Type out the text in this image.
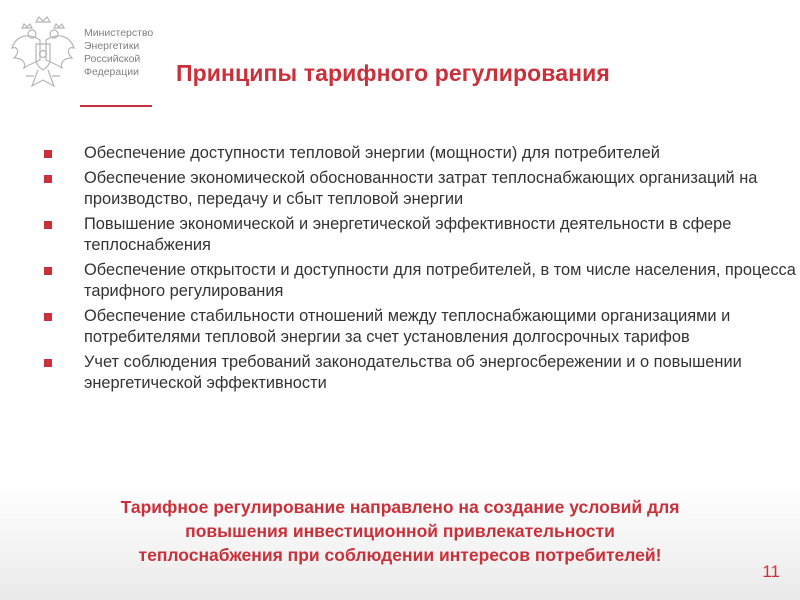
Министерство
Энергетики
Российской
Федерации	Принципы тарифного регулирования
Обеспечение доступности тепловой энергии (мощности) для потребителей
Обеспечение экономической обоснованности затрат теплоснабжающих организаций на производство, передачу и сбыт тепловой энергии
Повышение экономической и энергетической эффективности деятельности в сфере теплоснабжения
Обеспечение открытости и доступности для потребителей, в том числе населения, процесса тарифного регулирования
Обеспечение стабильности отношений между теплоснабжающими организациями и потребителями тепловой энергии за счет установления долгосрочных тарифов
Учет соблюдения требований законодательства об энергосбережении и о повышении энергетической эффективности
Тарифное регулирование направлено на создание условий для
повышения инвестиционной привлекательности
теплоснабжения при соблюдении интересов потребителей!
11
